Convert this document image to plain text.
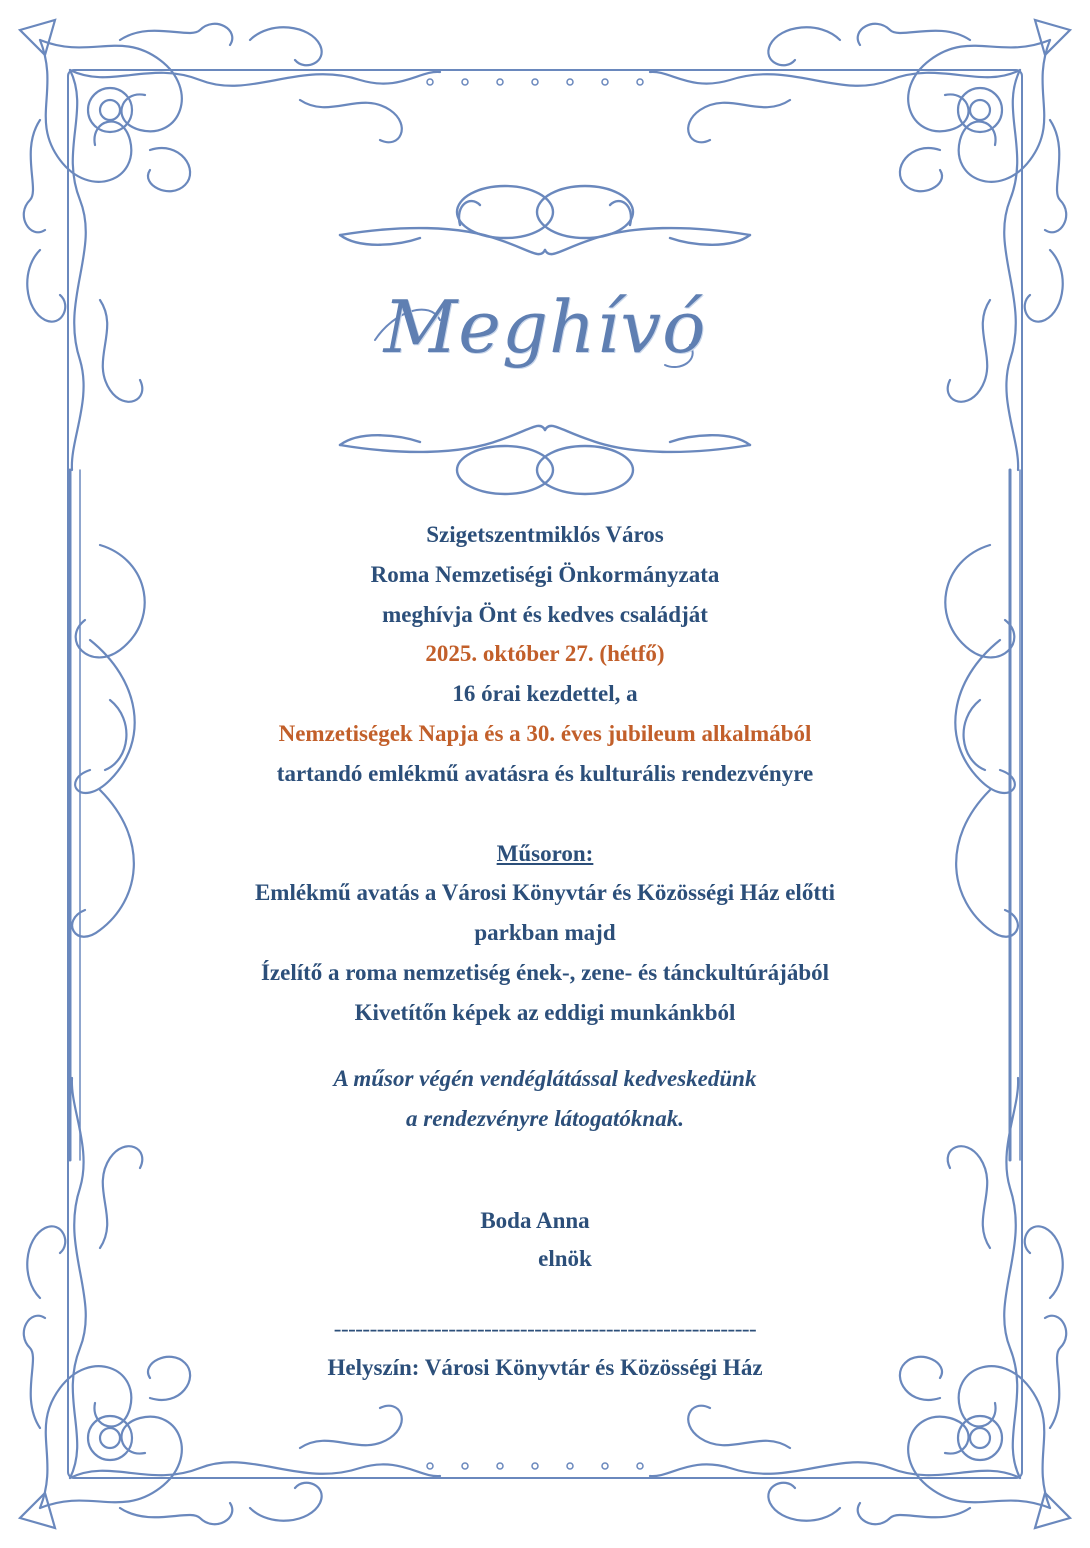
Meghívó
Szigetszentmiklós Város
Roma Nemzetiségi Önkormányzata
meghívja Önt és kedves családját
2025. október 27. (hétfő)
16 órai kezdettel, a
Nemzetiségek Napja és a 30. éves jubileum alkalmából
tartandó emlékmű avatásra és kulturális rendezvényre
Műsoron:
Emlékmű avatás a Városi Könyvtár és Közösségi Ház előtti
parkban majd
Ízelítő a roma nemzetiség ének-, zene- és tánckultúrájából
Kivetítőn képek az eddigi munkánkból
A műsor végén vendéglátással kedveskedünk
a rendezvényre látogatóknak.
Boda Anna
elnök
-----------------------------------------------------------
Helyszín: Városi Könyvtár és Közösségi Ház
